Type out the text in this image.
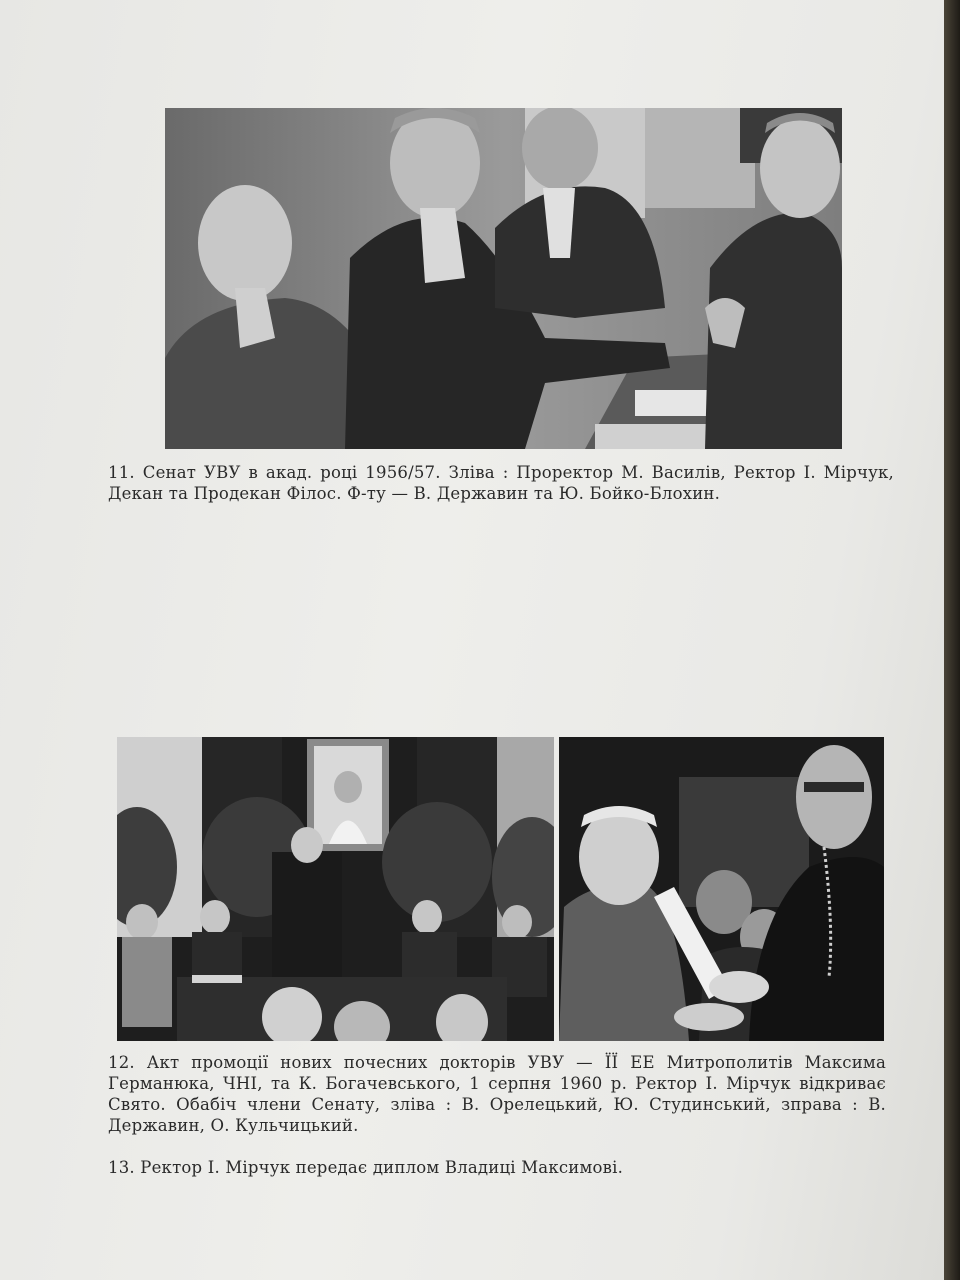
11. Сенат УВУ в акад. році 1956/57. Зліва : Проректор М. Василів, Ректор І. Мірчук, Декан та Продекан Філос. Ф-ту — В. Державин та Ю. Бойко-Блохин.
12. Акт промоції нових почесних докторів УВУ — ЇЇ ЕЕ Митрополитів Максима Германюка, ЧНІ, та К. Богачевського, 1 серпня 1960 р. Ректор І. Мірчук відкриває Свято. Обабіч члени Сенату, зліва : В. Орелецький, Ю. Студинський, зправа : В. Державин, О. Кульчицький.
13. Ректор І. Мірчук передає диплом Владиці Максимові.
